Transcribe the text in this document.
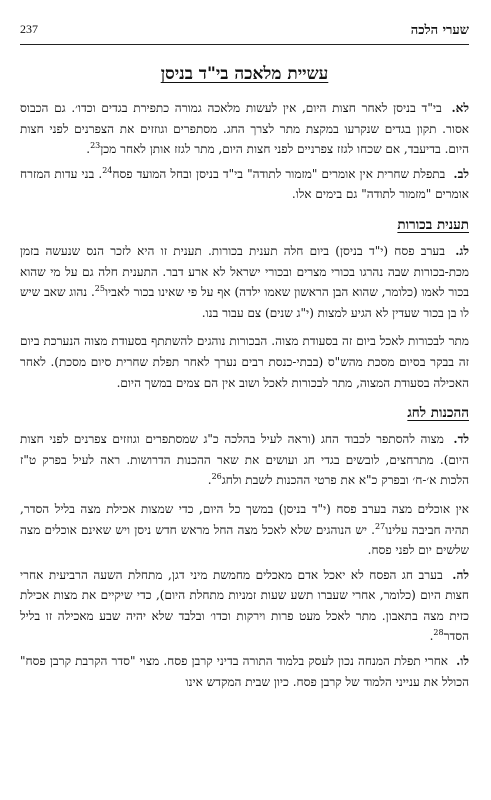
שערי הלכה
237
עשיית מלאכה בי"ד בניסן

לא. בי"ד בניסן לאחר חצות היום, אין לעשות מלאכה גמורה כתפירת בגדים וכדו׳. גם הכבוס אסור. תקון בגדים שנקרעו במקצת מתר לצרך החג. מסתפרים וגוזזים את הצפרנים לפני חצות היום. בדיעבד, אם שכחו לגזז צפרניים לפני חצות היום, מתר לגזז אותן לאחר מכן$^{23}$.

לב. בתפלת שחרית אין אומרים "מזמור לתודה" בי"ד בניסן ובחל המועד פסח$^{24}$. בני עדות המזרח אומרים "מזמור לתודה" גם בימים אלו.

תענית בכורות

לג. בערב פסח (י"ד בניסן) ביום חלה תענית בכורות. תענית זו היא לזכר הנס שנעשה בזמן מכת-בכורות שבה נהרגו בכורי מצרים ובכורי ישראל לא ארע דבר. התענית חלה גם על מי שהוא בכור לאמו (כלומר, שהוא הבן הראשון שאמו ילדה) אף על פי שאינו בכור לאביו$^{25}$. נהוג שאב שיש לו בן בכור שעדין לא הגיע למצות (י"ג שנים) צם עבור בנו.

מתר לבכורות לאכל ביום זה בסעודת מצוה. הבכורות נוהגים להשתתף בסעודת מצוה הנערכת ביום זה בבקר בסיום מסכת מהש"ס (בבתי-כנסת רבים נערך לאחר תפלת שחרית סיום מסכת). לאחר האכילה בסעודת המצוה, מתר לבכורות לאכל ושוב אין הם צמים במשך היום.

ההכנות לחג

לד. מצוה להסתפר לכבוד החג (וראה לעיל בהלכה כ"ג שמסתפרים וגוזזים צפרנים לפני חצות היום). מתרחצים, לובשים בגדי חג ועושים את שאר ההכנות הדרושות. ראה לעיל בפרק ט"ז הלכות א׳-ח׳ ובפרק כ"א את פרטי ההכנות לשבת ולחג$^{26}$.

אין אוכלים מצה בערב פסח (י"ד בניסן) במשך כל היום, כדי שמצות אכילת מצה בליל הסדר, תהיה חביבה עלינו$^{27}$. יש הנוהגים שלא לאכל מצה החל מראש חדש ניסן ויש שאינם אוכלים מצה שלשים יום לפני פסח.

לה. בערב חג הפסח לא יאכל אדם מאכלים מחמשת מיני דגן, מתחלת השעה הרביעית אחרי חצות היום (כלומר, אחרי שעברו תשע שעות זמניות מתחלת היום), כדי שיקיים את מצות אכילת כזית מצה בתאבון. מתר לאכל מעט פרות וירקות וכדו׳ ובלבד שלא יהיה שבע מאכילה זו בליל הסדר$^{28}$.

לו. אחרי תפלת המנחה נכון לעסק בלמוד התורה בדיני קרבן פסח. מצוי "סדר הקרבת קרבן פסח" הכולל את ענייני הלמוד של קרבן פסח. כיון שבית המקדש אינו
